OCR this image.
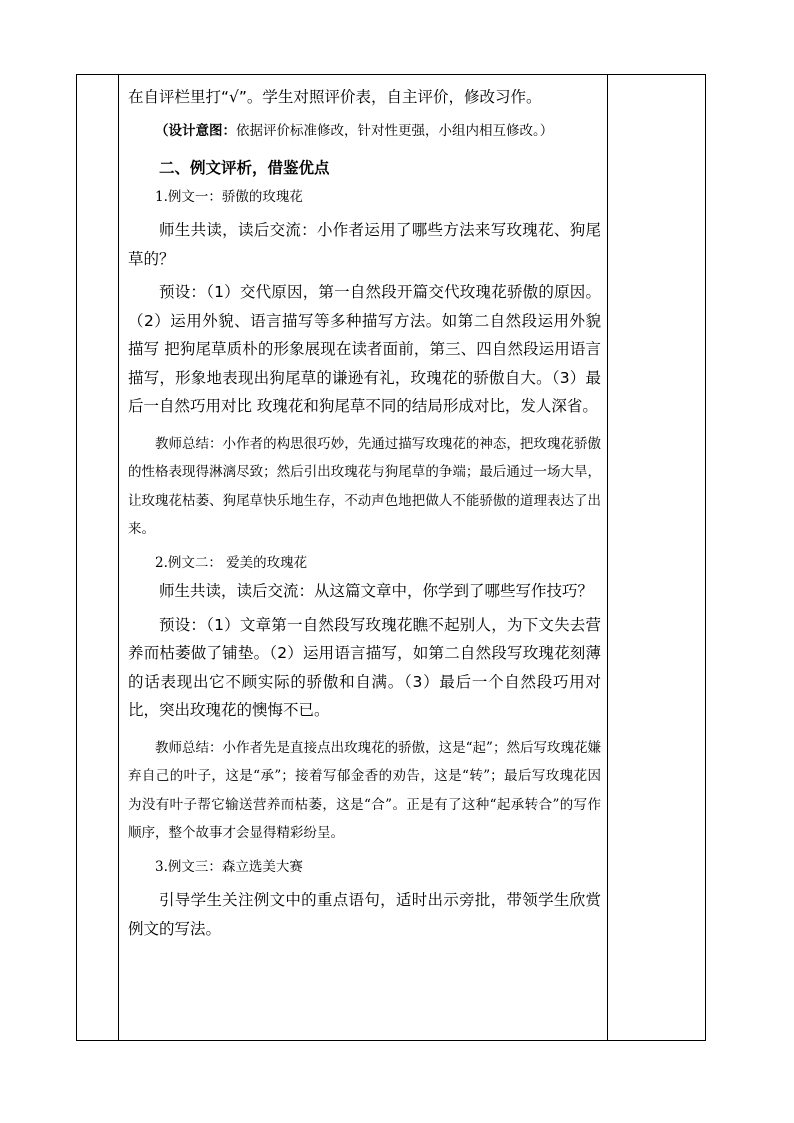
在自评栏里打“√”。学生对照评价表，自主评价，修改习作。

（设计意图：依据评价标准修改，针对性更强，小组内相互修改。）

二、例文评析，借鉴优点

1.例文一：骄傲的玫瑰花

师生共读，读后交流：小作者运用了哪些方法来写玫瑰花、狗尾草的？

预设：（1）交代原因，第一自然段开篇交代玫瑰花骄傲的原因。（2）运用外貌、语言描写等多种描写方法。如第二自然段运用外貌描写 把狗尾草质朴的形象展现在读者面前，第三、四自然段运用语言描写，形象地表现出狗尾草的谦逊有礼，玫瑰花的骄傲自大。（3）最后一自然巧用对比 玫瑰花和狗尾草不同的结局形成对比，发人深省。

教师总结：小作者的构思很巧妙，先通过描写玫瑰花的神态，把玫瑰花骄傲的性格表现得淋漓尽致；然后引出玫瑰花与狗尾草的争端；最后通过一场大旱，让玫瑰花枯萎、狗尾草快乐地生存，不动声色地把做人不能骄傲的道理表达了出来。

2.例文二： 爱美的玫瑰花

师生共读，读后交流：从这篇文章中，你学到了哪些写作技巧？

预设：（1）文章第一自然段写玫瑰花瞧不起别人，为下文失去营养而枯萎做了铺垫。（2）运用语言描写，如第二自然段写玫瑰花刻薄的话表现出它不顾实际的骄傲和自满。（3）最后一个自然段巧用对比，突出玫瑰花的懊悔不已。

教师总结：小作者先是直接点出玫瑰花的骄傲，这是“起”；然后写玫瑰花嫌弃自己的叶子，这是“承”；接着写郁金香的劝告，这是“转”；最后写玫瑰花因为没有叶子帮它输送营养而枯萎，这是“合”。正是有了这种“起承转合”的写作顺序，整个故事才会显得精彩纷呈。

3.例文三：森立选美大赛

引导学生关注例文中的重点语句，适时出示旁批，带领学生欣赏例文的写法。
